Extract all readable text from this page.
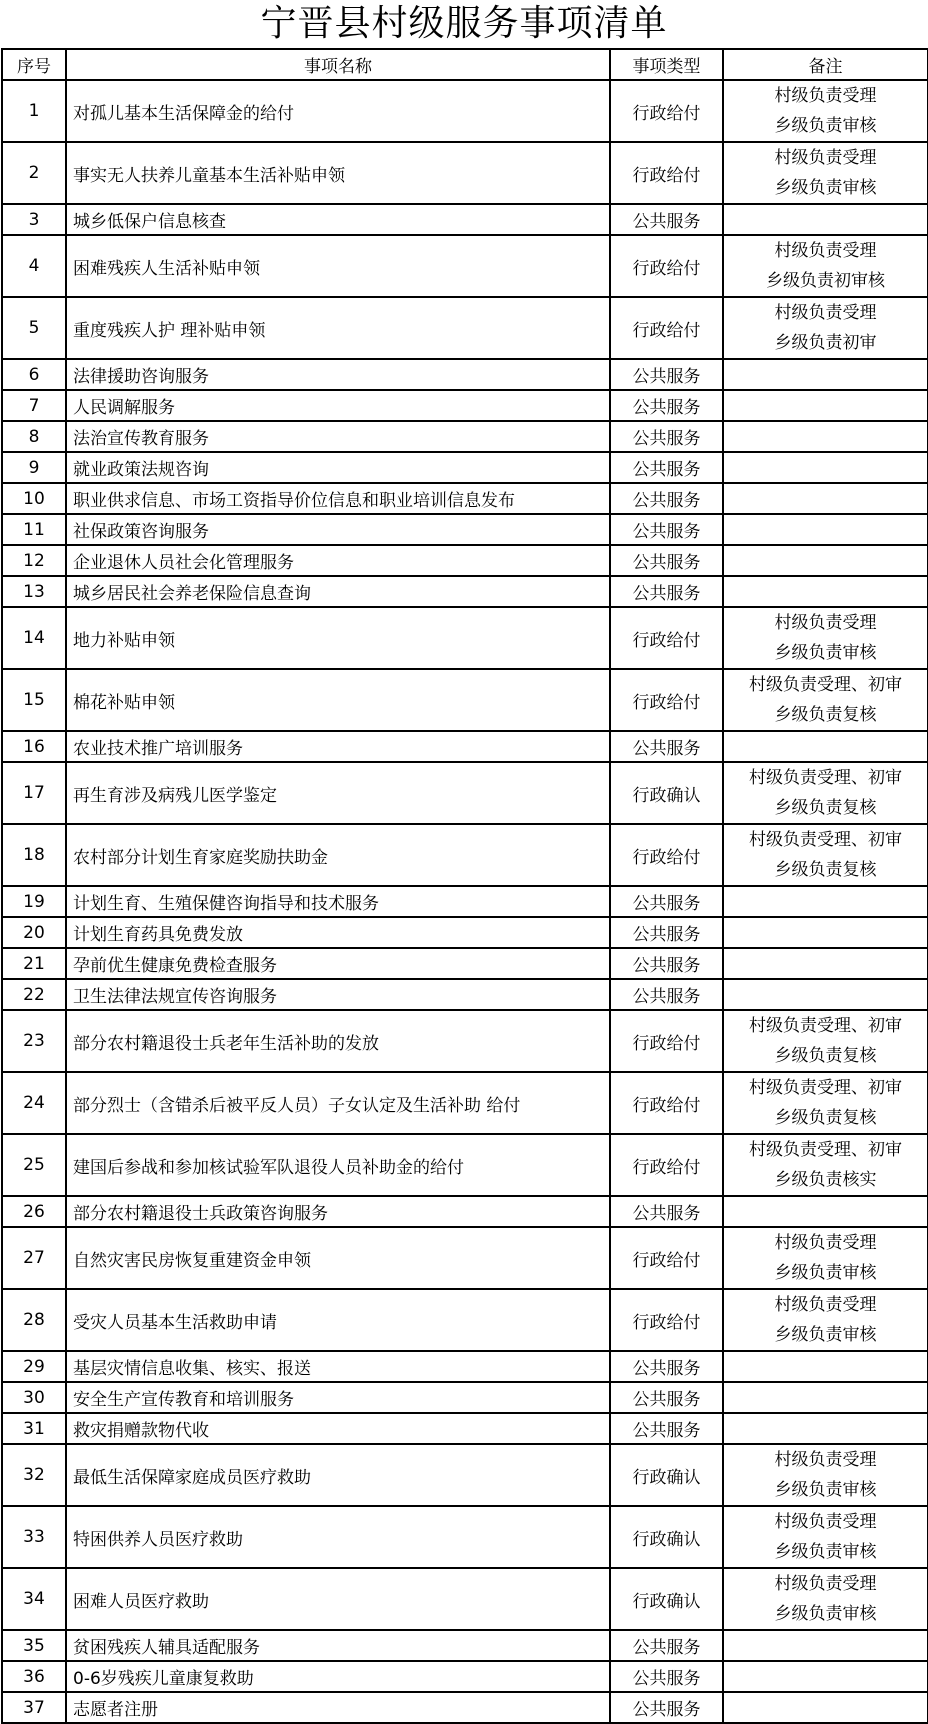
宁晋县村级服务事项清单
序号	事项名称	事项类型	备注
1	对孤儿基本生活保障金的给付	行政给付	村级负责受理
乡级负责审核

2	事实无人扶养儿童基本生活补贴申领	行政给付	村级负责受理
乡级负责审核

3	城乡低保户信息核查	公共服务	
4	困难残疾人生活补贴申领	行政给付	村级负责受理
乡级负责初审核

5	重度残疾人护 理补贴申领	行政给付	村级负责受理
乡级负责初审

6	法律援助咨询服务	公共服务	
7	人民调解服务	公共服务	
8	法治宣传教育服务	公共服务	
9	就业政策法规咨询	公共服务	
10	职业供求信息、市场工资指导价位信息和职业培训信息发布	公共服务	
11	社保政策咨询服务	公共服务	
12	企业退休人员社会化管理服务	公共服务	
13	城乡居民社会养老保险信息查询	公共服务	
14	地力补贴申领	行政给付	村级负责受理
乡级负责审核

15	棉花补贴申领	行政给付	村级负责受理、初审
乡级负责复核

16	农业技术推广培训服务	公共服务	
17	再生育涉及病残儿医学鉴定	行政确认	村级负责受理、初审
乡级负责复核

18	农村部分计划生育家庭奖励扶助金	行政给付	村级负责受理、初审
乡级负责复核

19	计划生育、生殖保健咨询指导和技术服务	公共服务	
20	计划生育药具免费发放	公共服务	
21	孕前优生健康免费检查服务	公共服务	
22	卫生法律法规宣传咨询服务	公共服务	
23	部分农村籍退役士兵老年生活补助的发放	行政给付	村级负责受理、初审
乡级负责复核

24	部分烈士（含错杀后被平反人员）子女认定及生活补助 给付	行政给付	村级负责受理、初审
乡级负责复核

25	建国后参战和参加核试验军队退役人员补助金的给付	行政给付	村级负责受理、初审
乡级负责核实

26	部分农村籍退役士兵政策咨询服务	公共服务	
27	自然灾害民房恢复重建资金申领	行政给付	村级负责受理
乡级负责审核

28	受灾人员基本生活救助申请	行政给付	村级负责受理
乡级负责审核

29	基层灾情信息收集、核实、报送	公共服务	
30	安全生产宣传教育和培训服务	公共服务	
31	救灾捐赠款物代收	公共服务	
32	最低生活保障家庭成员医疗救助	行政确认	村级负责受理
乡级负责审核

33	特困供养人员医疗救助	行政确认	村级负责受理
乡级负责审核

34	困难人员医疗救助	行政确认	村级负责受理
乡级负责审核

35	贫困残疾人辅具适配服务	公共服务	
36	0-6岁残疾儿童康复救助	公共服务	
37	志愿者注册	公共服务	
